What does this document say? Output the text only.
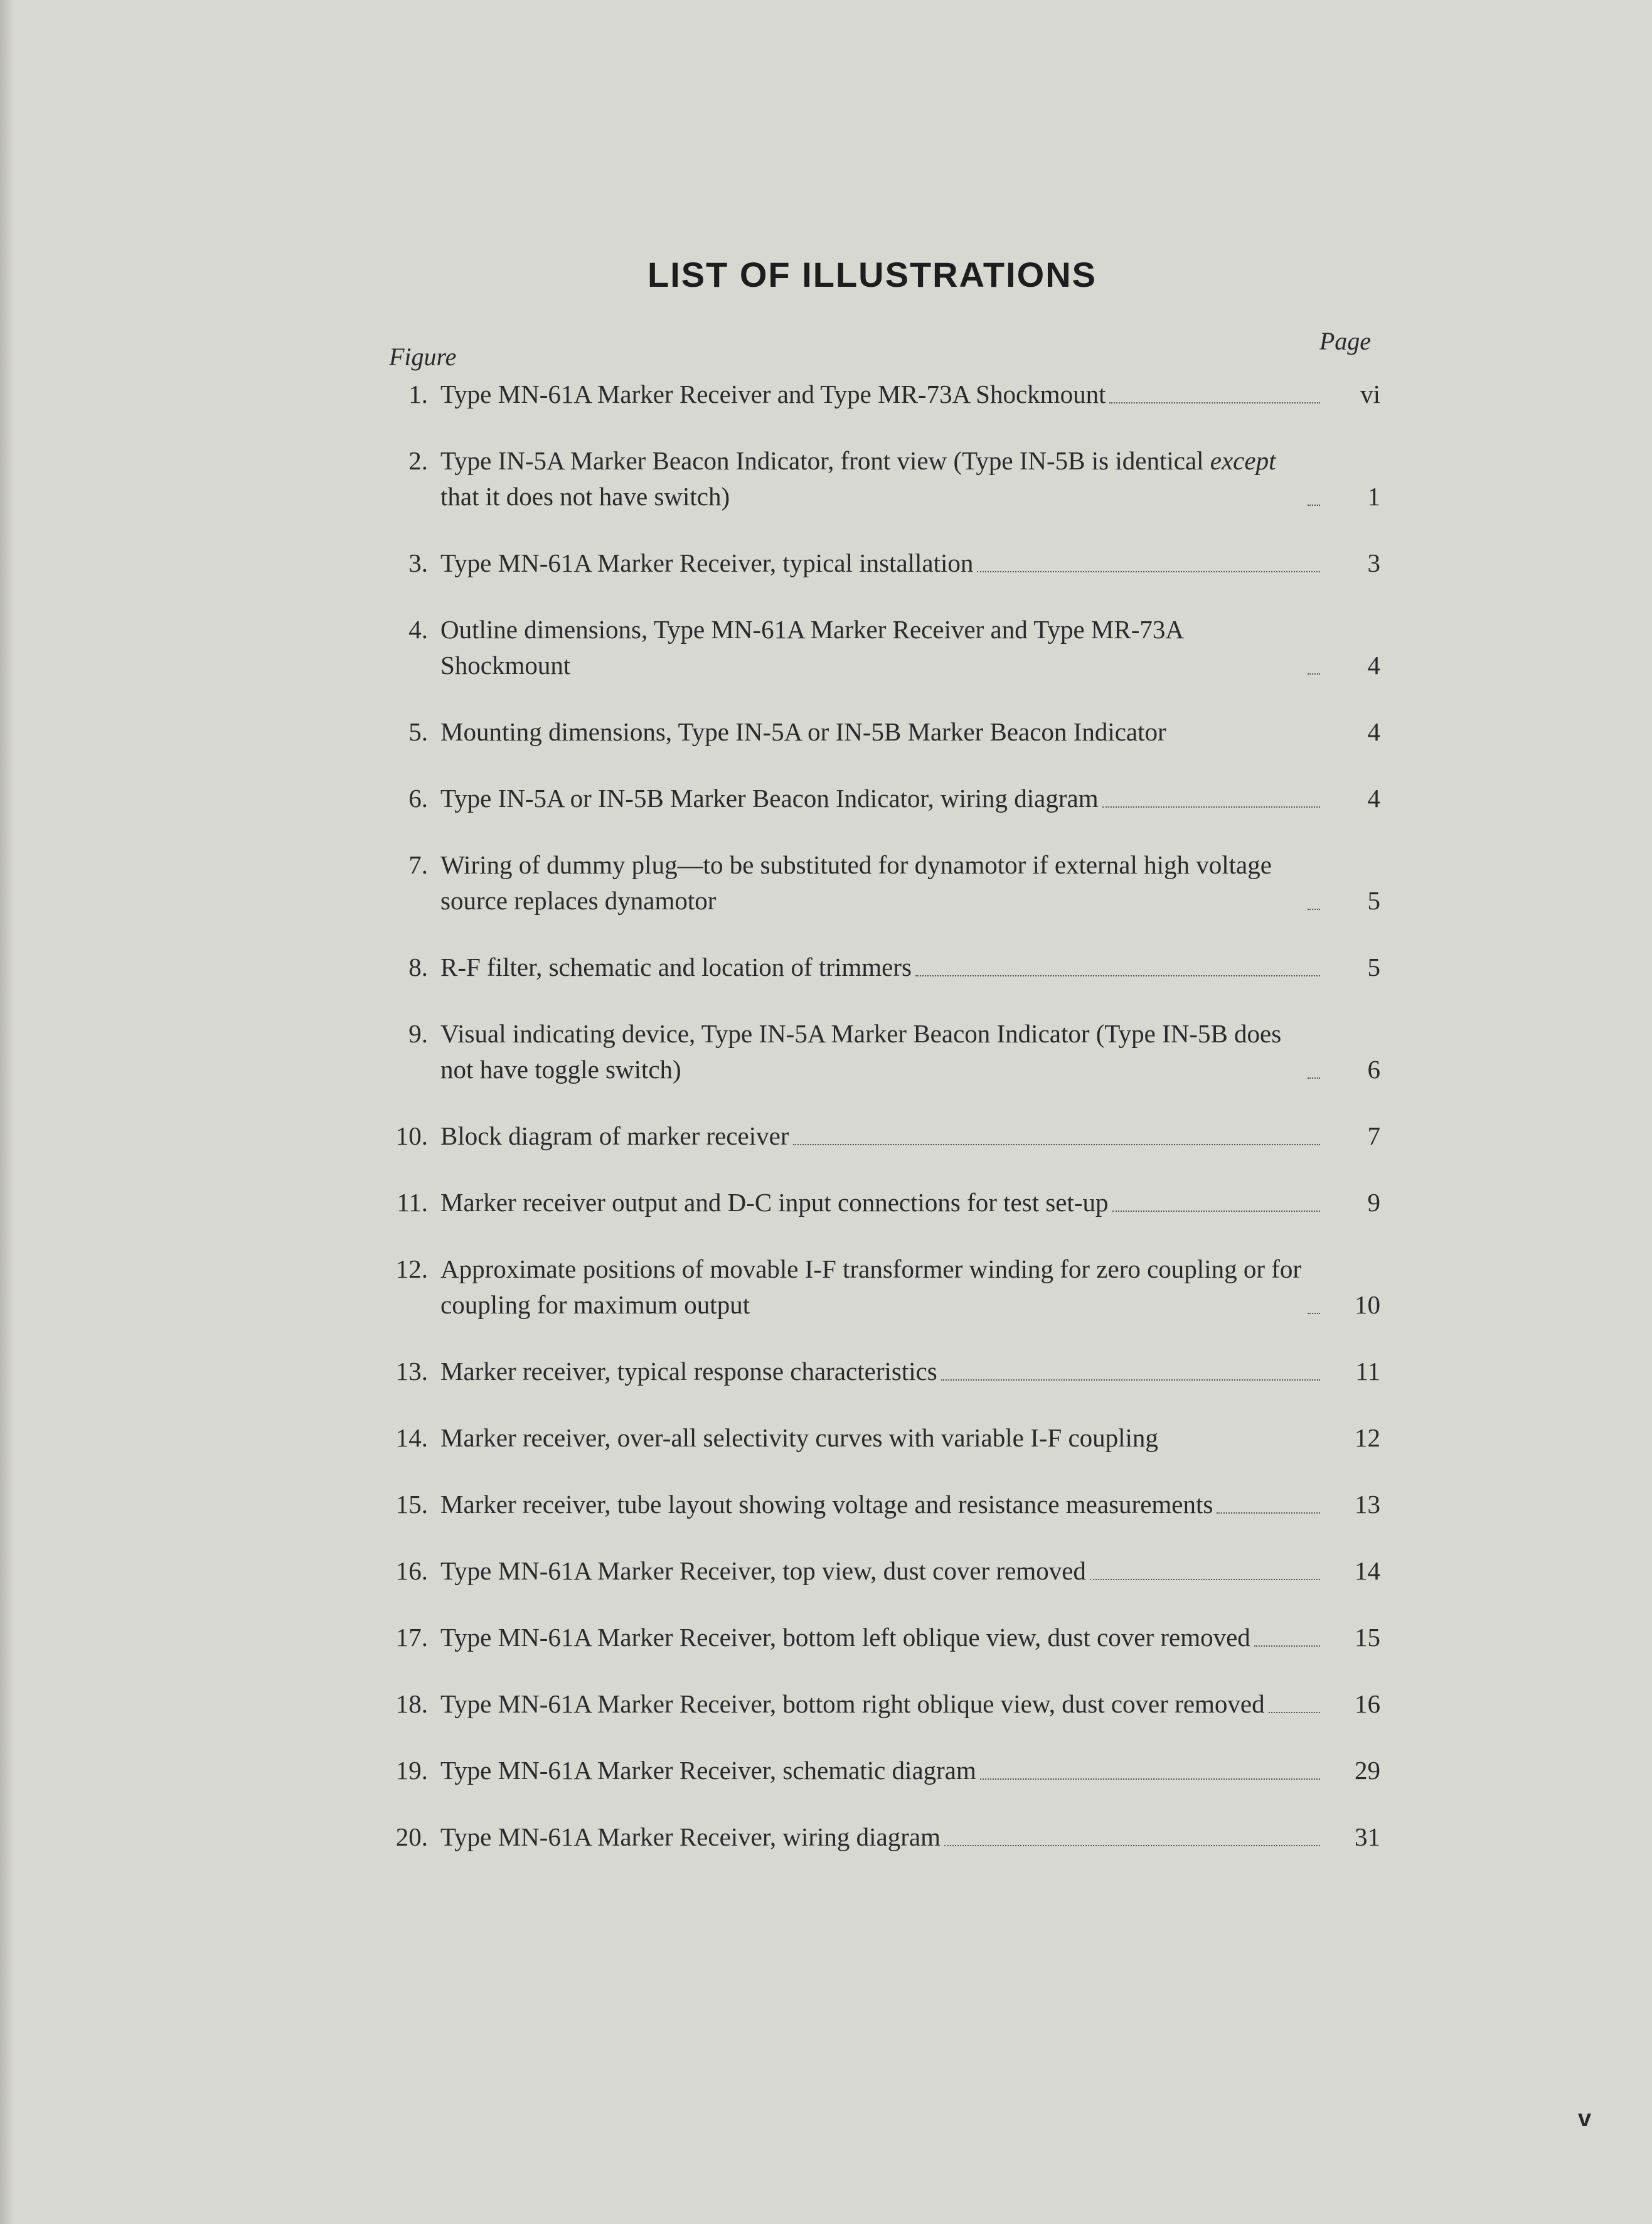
LIST OF ILLUSTRATIONS
Figure
Page
1. Type MN-61A Marker Receiver and Type MR-73A Shockmount	vi
2. Type IN-5A Marker Beacon Indicator, front view (Type IN-5B is identical except that it does not have switch)	1
3. Type MN-61A Marker Receiver, typical installation	3
4. Outline dimensions, Type MN-61A Marker Receiver and Type MR-73A Shockmount	4
5. Mounting dimensions, Type IN-5A or IN-5B Marker Beacon Indicator	4
6. Type IN-5A or IN-5B Marker Beacon Indicator, wiring diagram	4
7. Wiring of dummy plug—to be substituted for dynamotor if external high voltage source replaces dynamotor	5
8. R-F filter, schematic and location of trimmers	5
9. Visual indicating device, Type IN-5A Marker Beacon Indicator (Type IN-5B does not have toggle switch)	6
10. Block diagram of marker receiver	7
11. Marker receiver output and D-C input connections for test set-up	9
12. Approximate positions of movable I-F transformer winding for zero coupling or for coupling for maximum output	10
13. Marker receiver, typical response characteristics	11
14. Marker receiver, over-all selectivity curves with variable I-F coupling	12
15. Marker receiver, tube layout showing voltage and resistance measurements	13
16. Type MN-61A Marker Receiver, top view, dust cover removed	14
17. Type MN-61A Marker Receiver, bottom left oblique view, dust cover removed	15
18. Type MN-61A Marker Receiver, bottom right oblique view, dust cover removed	16
19. Type MN-61A Marker Receiver, schematic diagram	29
20. Type MN-61A Marker Receiver, wiring diagram	31
v
